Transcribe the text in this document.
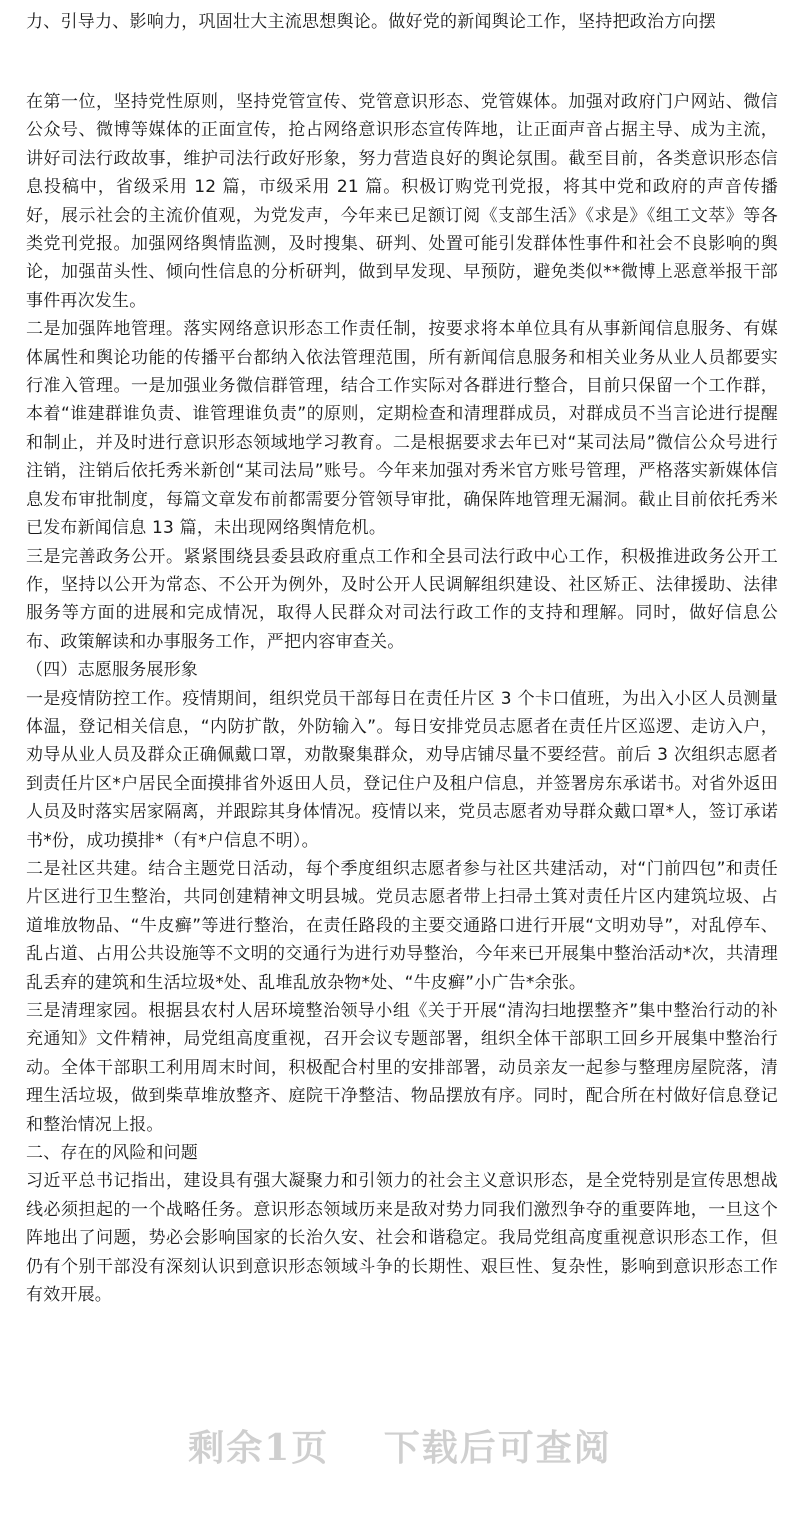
力、引导力、影响力，巩固壮大主流思想舆论。做好党的新闻舆论工作，坚持把政治方向摆

在第一位，坚持党性原则，坚持党管宣传、党管意识形态、党管媒体。加强对政府门户网站、微信公众号、微博等媒体的正面宣传，抢占网络意识形态宣传阵地，让正面声音占据主导、成为主流，讲好司法行政故事，维护司法行政好形象，努力营造良好的舆论氛围。截至目前，各类意识形态信息投稿中，省级采用 12 篇，市级采用 21 篇。积极订购党刊党报，将其中党和政府的声音传播好，展示社会的主流价值观，为党发声，今年来已足额订阅《支部生活》《求是》《组工文萃》等各类党刊党报。加强网络舆情监测，及时搜集、研判、处置可能引发群体性事件和社会不良影响的舆论，加强苗头性、倾向性信息的分析研判，做到早发现、早预防，避免类似**微博上恶意举报干部事件再次发生。

二是加强阵地管理。落实网络意识形态工作责任制，按要求将本单位具有从事新闻信息服务、有媒体属性和舆论功能的传播平台都纳入依法管理范围，所有新闻信息服务和相关业务从业人员都要实行准入管理。一是加强业务微信群管理，结合工作实际对各群进行整合，目前只保留一个工作群，本着“谁建群谁负责、谁管理谁负责”的原则，定期检查和清理群成员，对群成员不当言论进行提醒和制止，并及时进行意识形态领域地学习教育。二是根据要求去年已对“某司法局”微信公众号进行注销，注销后依托秀米新创“某司法局”账号。今年来加强对秀米官方账号管理，严格落实新媒体信息发布审批制度，每篇文章发布前都需要分管领导审批，确保阵地管理无漏洞。截止目前依托秀米已发布新闻信息 13 篇，未出现网络舆情危机。

三是完善政务公开。紧紧围绕县委县政府重点工作和全县司法行政中心工作，积极推进政务公开工作，坚持以公开为常态、不公开为例外，及时公开人民调解组织建设、社区矫正、法律援助、法律服务等方面的进展和完成情况，取得人民群众对司法行政工作的支持和理解。同时，做好信息公布、政策解读和办事服务工作，严把内容审查关。

（四）志愿服务展形象

一是疫情防控工作。疫情期间，组织党员干部每日在责任片区 3 个卡口值班，为出入小区人员测量体温，登记相关信息，“内防扩散，外防输入”。每日安排党员志愿者在责任片区巡逻、走访入户，劝导从业人员及群众正确佩戴口罩，劝散聚集群众，劝导店铺尽量不要经营。前后 3 次组织志愿者到责任片区*户居民全面摸排省外返田人员，登记住户及租户信息，并签署房东承诺书。对省外返田人员及时落实居家隔离，并跟踪其身体情况。疫情以来，党员志愿者劝导群众戴口罩*人，签订承诺书*份，成功摸排*（有*户信息不明）。

二是社区共建。结合主题党日活动，每个季度组织志愿者参与社区共建活动，对“门前四包”和责任片区进行卫生整治，共同创建精神文明县城。党员志愿者带上扫帚土箕对责任片区内建筑垃圾、占道堆放物品、“牛皮癣”等进行整治，在责任路段的主要交通路口进行开展“文明劝导”，对乱停车、乱占道、占用公共设施等不文明的交通行为进行劝导整治，今年来已开展集中整治活动*次，共清理乱丢弃的建筑和生活垃圾*处、乱堆乱放杂物*处、“牛皮癣”小广告*余张。

三是清理家园。根据县农村人居环境整治领导小组《关于开展“清沟扫地摆整齐”集中整治行动的补充通知》文件精神，局党组高度重视，召开会议专题部署，组织全体干部职工回乡开展集中整治行动。全体干部职工利用周末时间，积极配合村里的安排部署，动员亲友一起参与整理房屋院落，清理生活垃圾，做到柴草堆放整齐、庭院干净整洁、物品摆放有序。同时，配合所在村做好信息登记和整治情况上报。

二、存在的风险和问题

习近平总书记指出，建设具有强大凝聚力和引领力的社会主义意识形态，是全党特别是宣传思想战线必须担起的一个战略任务。意识形态领域历来是敌对势力同我们激烈争夺的重要阵地，一旦这个阵地出了问题，势必会影响国家的长治久安、社会和谐稳定。我局党组高度重视意识形态工作，但仍有个别干部没有深刻认识到意识形态领域斗争的长期性、艰巨性、复杂性，影响到意识形态工作有效开展。

剩余1页 下载后可查阅
